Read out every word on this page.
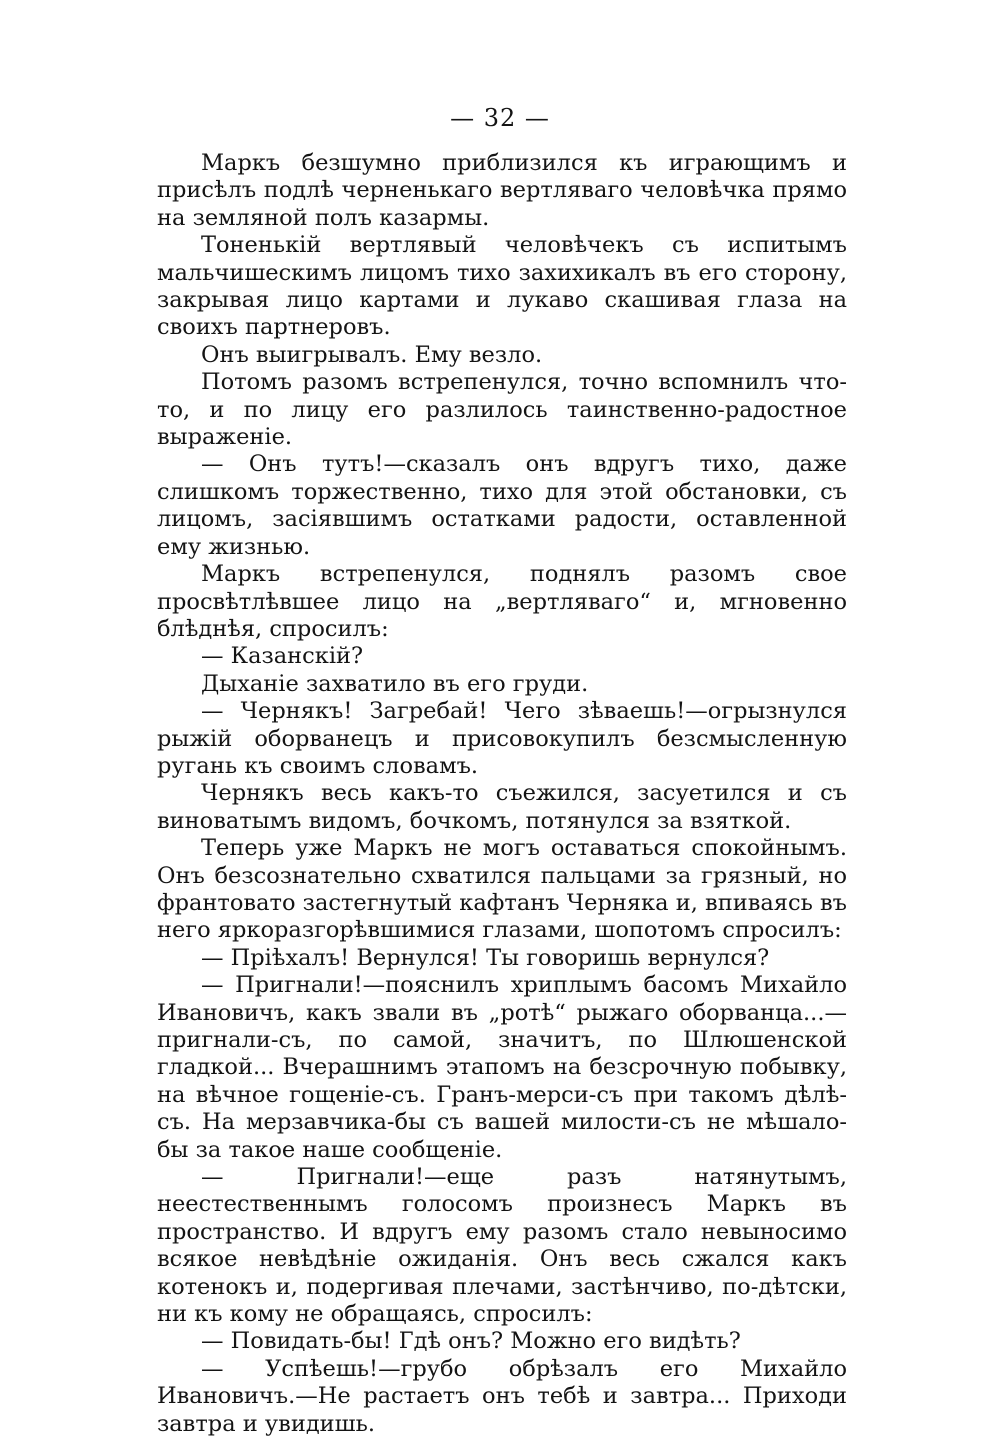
— 32 —

Маркъ безшумно приблизился къ играющимъ и присѣлъ подлѣ черненькаго вертляваго человѣчка прямо на земляной полъ казармы.

Тоненькій вертлявый человѣчекъ съ испитымъ мальчишескимъ лицомъ тихо захихикалъ въ его сторону, закрывая лицо картами и лукаво скашивая глаза на своихъ партнеровъ.

Онъ выигрывалъ. Ему везло.

Потомъ разомъ встрепенулся, точно вспомнилъ что-то, и по лицу его разлилось таинственно-радостное выраженіе.

— Онъ тутъ!—сказалъ онъ вдругъ тихо, даже слишкомъ торжественно, тихо для этой обстановки, съ лицомъ, засіявшимъ остатками радости, оставленной ему жизнью.

Маркъ встрепенулся, поднялъ разомъ свое просвѣтлѣвшее лицо на „вертляваго“ и, мгновенно блѣднѣя, спросилъ:

— Казанскій?

Дыханіе захватило въ его груди.

— Чернякъ! Загребай! Чего зѣваешь!—огрызнулся рыжій оборванецъ и присовокупилъ безсмысленную ругань къ своимъ словамъ.

Чернякъ весь какъ-то съежился, засуетился и съ виноватымъ видомъ, бочкомъ, потянулся за взяткой.

Теперь уже Маркъ не могъ оставаться спокойнымъ. Онъ безсознательно схватился пальцами за грязный, но франтовато застегнутый кафтанъ Черняка и, впиваясь въ него яркоразгорѣвшимися глазами, шопотомъ спросилъ:

— Пріѣхалъ! Вернулся! Ты говоришь вернулся?

— Пригнали!—пояснилъ хриплымъ басомъ Михайло Ивановичъ, какъ звали въ „ротѣ“ рыжаго оборванца...—пригнали-съ, по самой, значитъ, по Шлюшенской гладкой... Вчерашнимъ этапомъ на безсрочную побывку, на вѣчное гощеніе-съ. Гранъ-мерси-съ при такомъ дѣлѣ-съ. На мерзавчика-бы съ вашей милости-съ не мѣшало-бы за такое наше сообщеніе.

— Пригнали!—еще разъ натянутымъ, неестественнымъ голосомъ произнесъ Маркъ въ пространство. И вдругъ ему разомъ стало невыносимо всякое невѣдѣніе ожиданія. Онъ весь сжался какъ котенокъ и, подергивая плечами, застѣнчиво, по-дѣтски, ни къ кому не обращаясь, спросилъ:

— Повидать-бы! Гдѣ онъ? Можно его видѣть?

— Успѣешь!—грубо обрѣзалъ его Михайло Ивановичъ.—Не растаетъ онъ тебѣ и завтра... Приходи завтра и увидишь.
